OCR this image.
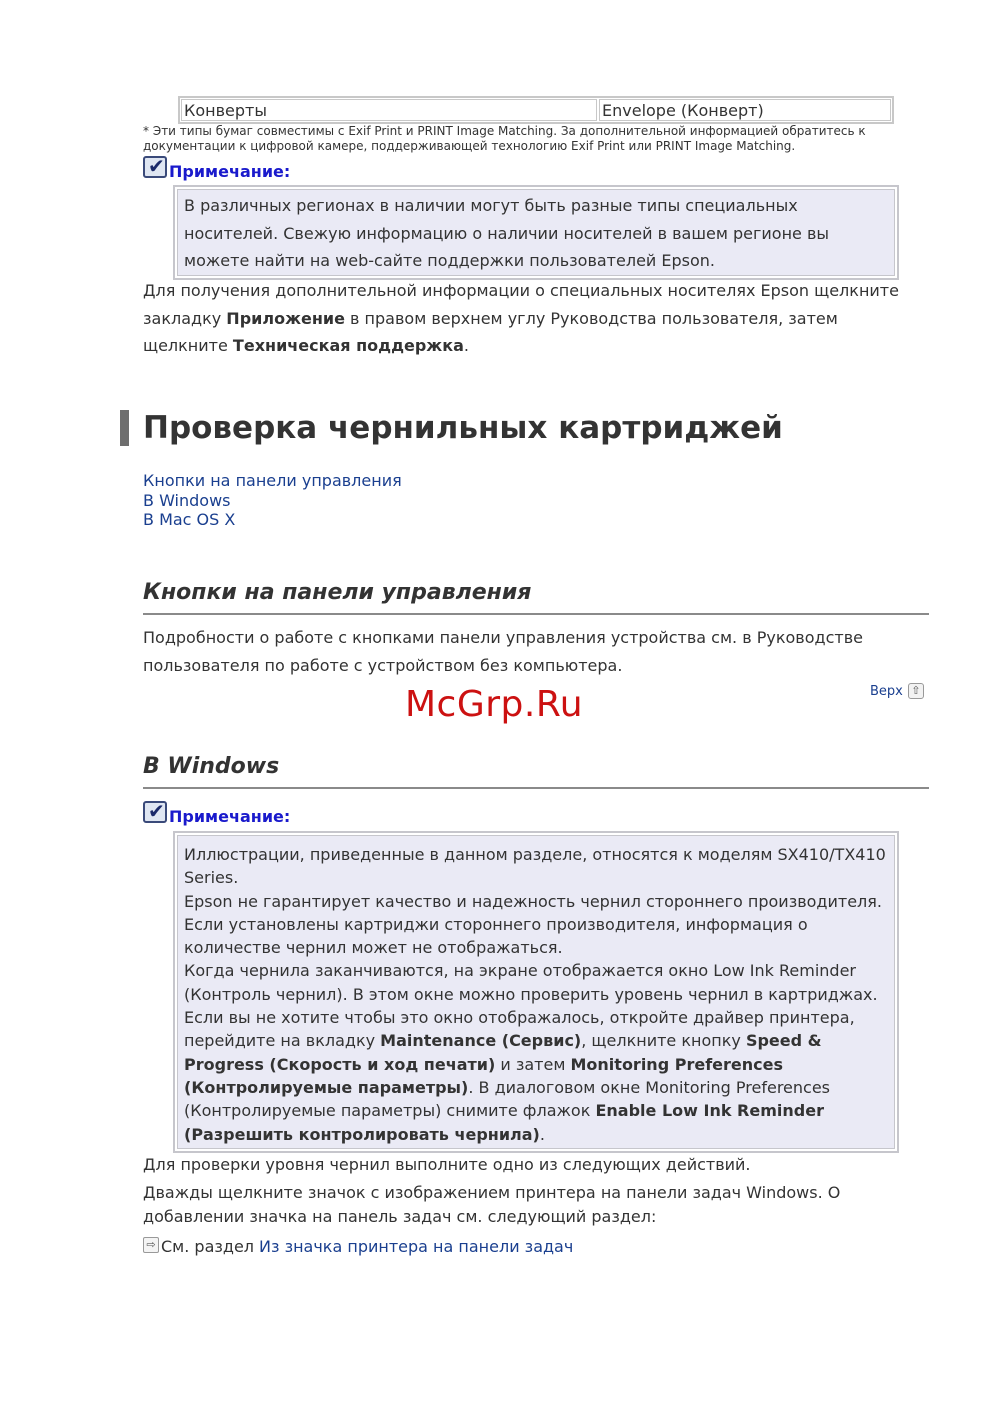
Конверты	Envelope (Конверт)
* Эти типы бумаг совместимы с Exif Print и PRINT Image Matching. За дополнительной информацией обратитесь к документации к цифровой камере, поддерживающей технологию Exif Print или PRINT Image Matching.
✔
Примечание:
В различных регионах в наличии могут быть разные типы специальных носителей. Свежую информацию о наличии носителей в вашем регионе вы можете найти на web-сайте поддержки пользователей Epson.
Для получения дополнительной информации о специальных носителях Epson щелкните закладку Приложение в правом верхнем углу Руководства пользователя, затем щелкните Техническая поддержка.
Проверка чернильных картриджей
Кнопки на панели управления
В Windows
В Mac OS X
Кнопки на панели управления
Подробности о работе с кнопками панели управления устройства см. в Руководстве пользователя по работе с устройством без компьютера.
Верх ⇧
McGrp.Ru
В Windows
✔
Примечание:
Иллюстрации, приведенные в данном разделе, относятся к моделям SX410/TX410 Series.
Epson не гарантирует качество и надежность чернил стороннего производителя. Если установлены картриджи стороннего производителя, информация о количестве чернил может не отображаться.
Когда чернила заканчиваются, на экране отображается окно Low Ink Reminder (Контроль чернил). В этом окне можно проверить уровень чернил в картриджах. Если вы не хотите чтобы это окно отображалось, откройте драйвер принтера, перейдите на вкладку Maintenance (Сервис), щелкните кнопку Speed & Progress (Скорость и ход печати) и затем Monitoring Preferences (Контролируемые параметры). В диалоговом окне Monitoring Preferences (Контролируемые параметры) снимите флажок Enable Low Ink Reminder (Разрешить контролировать чернила).
Для проверки уровня чернил выполните одно из следующих действий.
Дважды щелкните значок с изображением принтера на панели задач Windows. О добавлении значка на панель задач см. следующий раздел:
⇨ См. раздел Из значка принтера на панели задач
